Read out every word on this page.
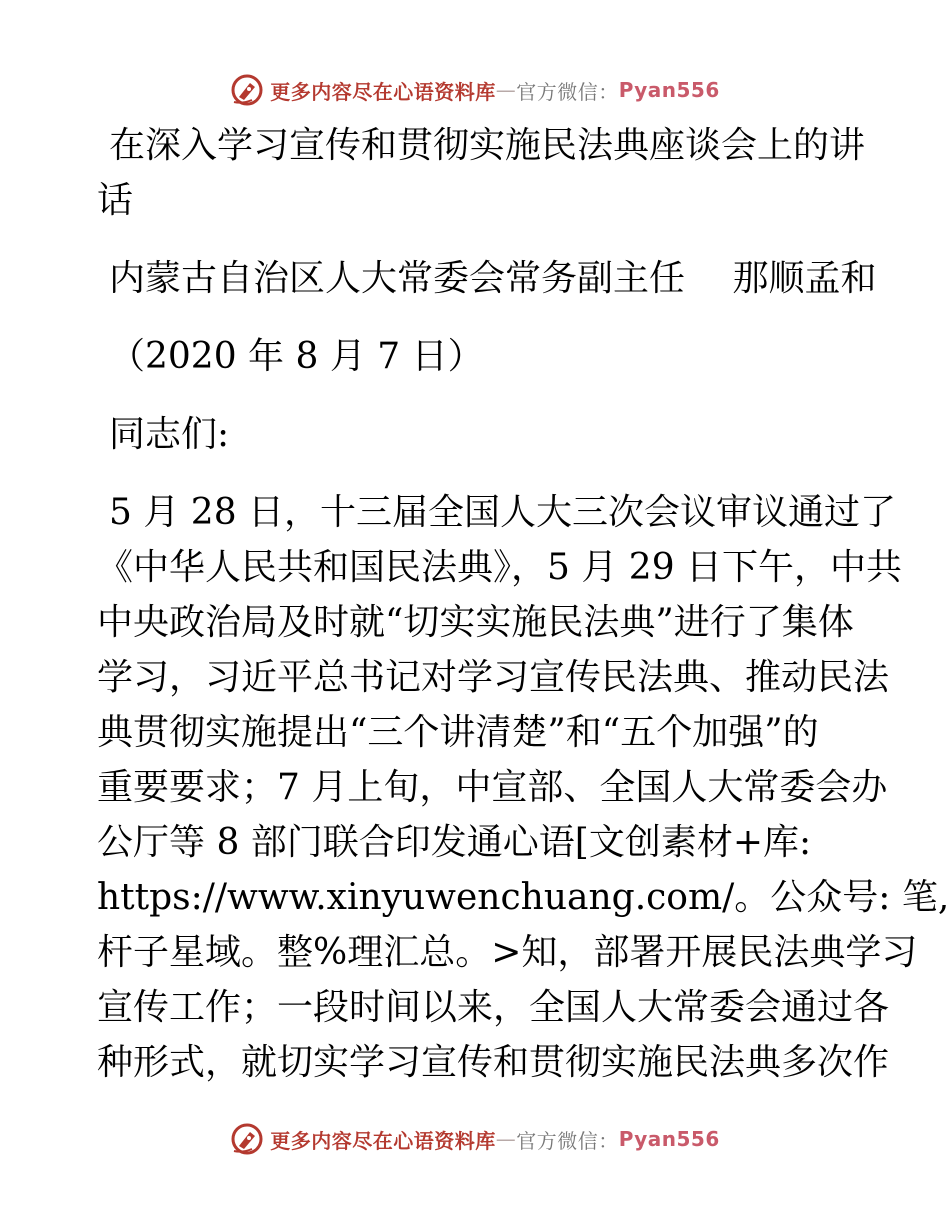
更多内容尽在心语资料库 — 官方微信： Pyan556
在深入学习宣传和贯彻实施民法典座谈会上的讲
话
内蒙古自治区人大常委会常务副主任　 那顺孟和
（2020 年 8 月 7 日）
同志们:
5 月 28 日，十三届全国人大三次会议审议通过了
《中华人民共和国民法典》，5 月 29 日下午，中共
中央政治局及时就“切实实施民法典”进行了集体
学习，习近平总书记对学习宣传民法典、推动民法
典贯彻实施提出“三个讲清楚”和“五个加强”的
重要要求；7 月上旬，中宣部、全国人大常委会办
公厅等 8 部门联合印发通心语[文创素材+库:
https://www.xinyuwenchuang.com/。公众号: 笔,
杆子星域。整%理汇总。>知，部署开展民法典学习
宣传工作；一段时间以来，全国人大常委会通过各
种形式，就切实学习宣传和贯彻实施民法典多次作
更多内容尽在心语资料库 — 官方微信： Pyan556
